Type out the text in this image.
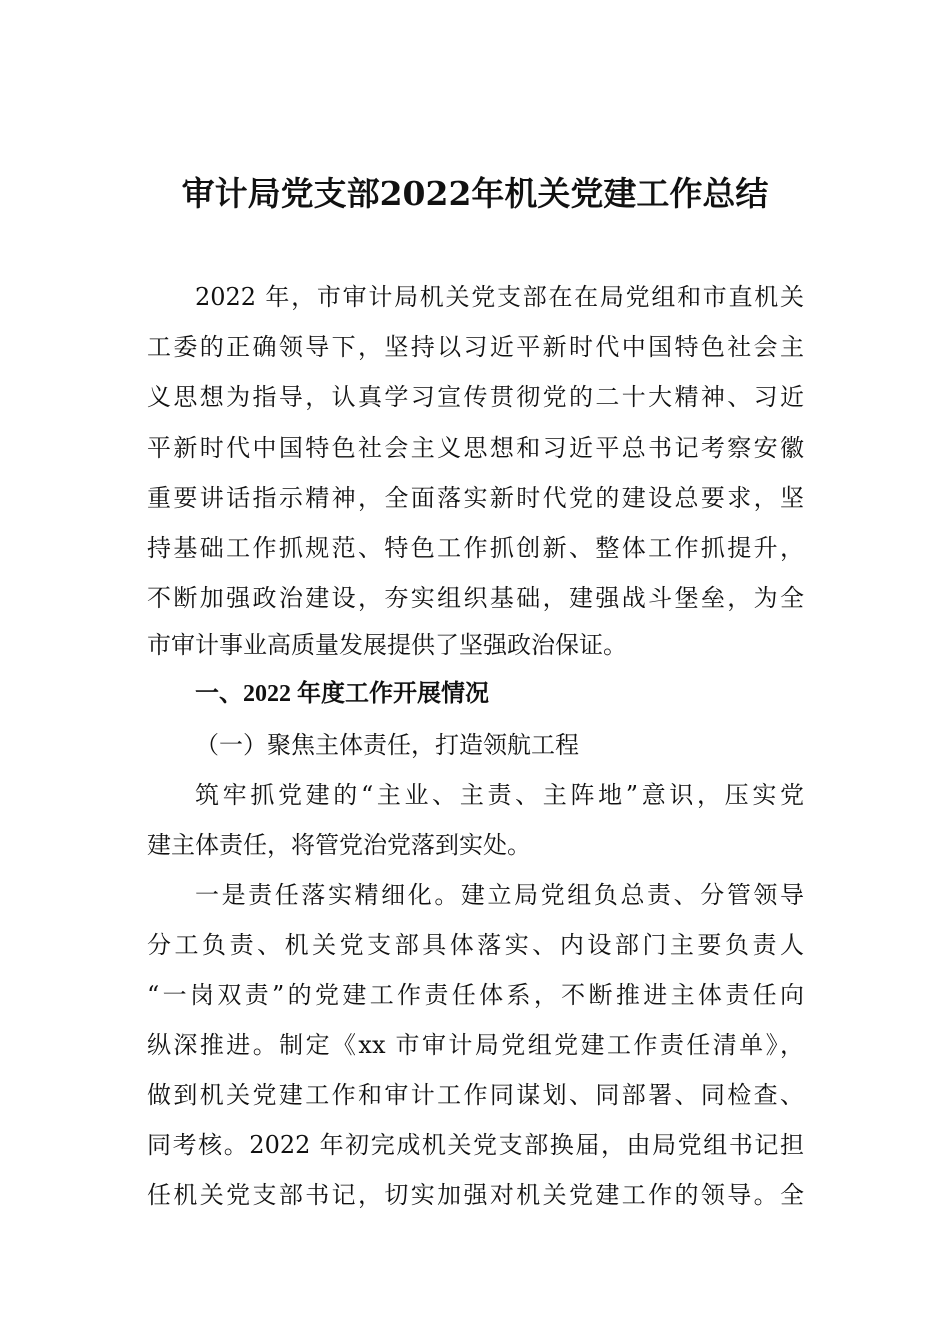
审计局党支部2022年机关党建工作总结
2022 年，市审计局机关党支部在在局党组和市直机关
工委的正确领导下，坚持以习近平新时代中国特色社会主
义思想为指导，认真学习宣传贯彻党的二十大精神、习近
平新时代中国特色社会主义思想和习近平总书记考察安徽
重要讲话指示精神，全面落实新时代党的建设总要求，坚
持基础工作抓规范、特色工作抓创新、整体工作抓提升，
不断加强政治建设，夯实组织基础，建强战斗堡垒，为全
市审计事业高质量发展提供了坚强政治保证。
一、2022 年度工作开展情况
（一）聚焦主体责任，打造领航工程
筑牢抓党建的“主业、主责、主阵地”意识，压实党
建主体责任，将管党治党落到实处。
一是责任落实精细化。建立局党组负总责、分管领导
分工负责、机关党支部具体落实、内设部门主要负责人
“一岗双责”的党建工作责任体系，不断推进主体责任向
纵深推进。制定《xx 市审计局党组党建工作责任清单》，
做到机关党建工作和审计工作同谋划、同部署、同检查、
同考核。2022 年初完成机关党支部换届，由局党组书记担
任机关党支部书记，切实加强对机关党建工作的领导。全
